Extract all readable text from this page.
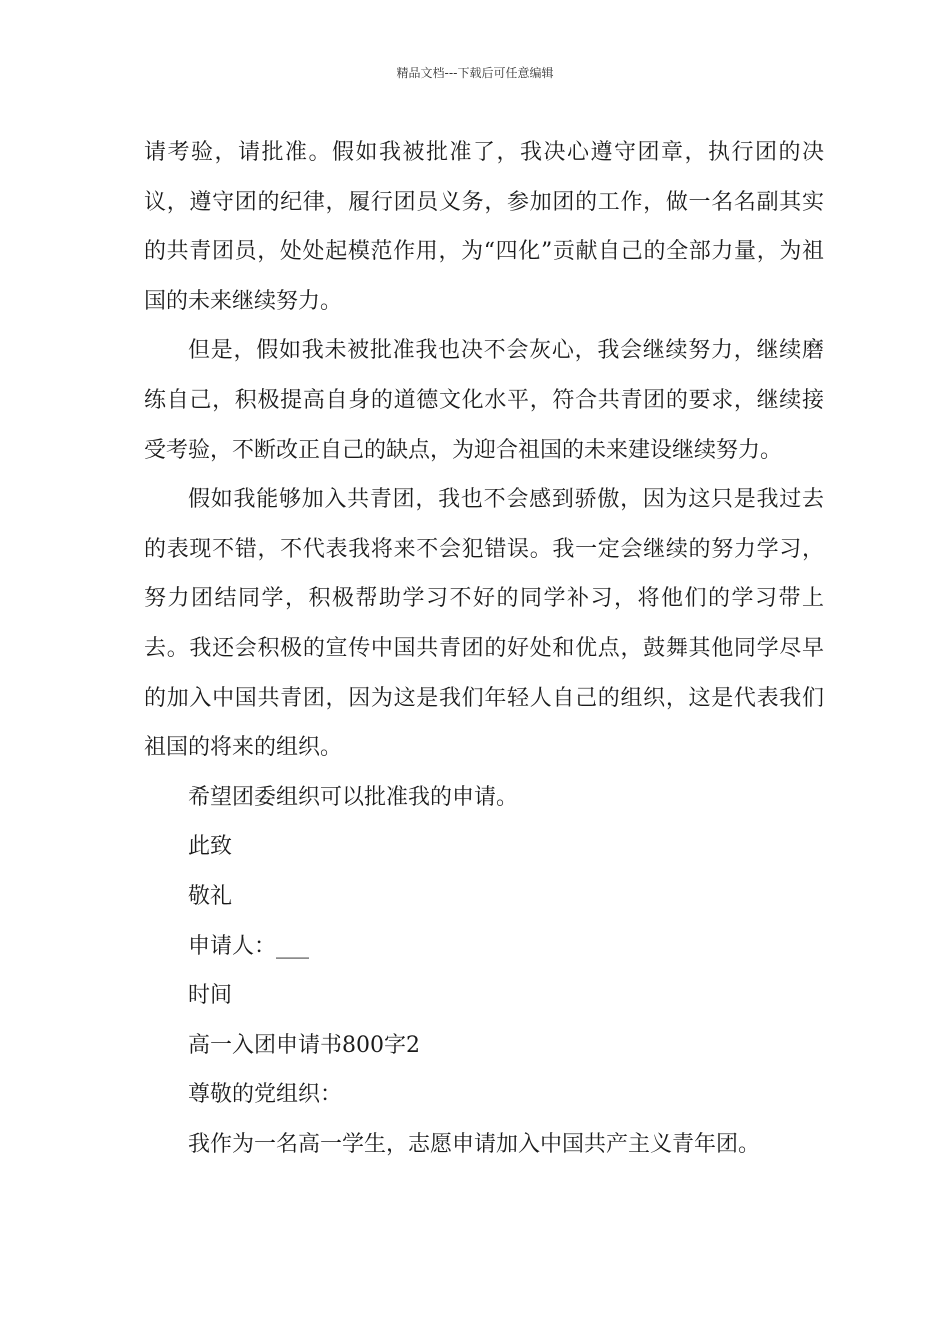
精品文档---下载后可任意编辑

请考验，请批准。假如我被批准了，我决心遵守团章，执行团的决议，遵守团的纪律，履行团员义务，参加团的工作，做一名名副其实的共青团员，处处起模范作用，为“四化”贡献自己的全部力量，为祖国的未来继续努力。

但是，假如我未被批准我也决不会灰心，我会继续努力，继续磨练自己，积极提高自身的道德文化水平，符合共青团的要求，继续接受考验，不断改正自己的缺点，为迎合祖国的未来建设继续努力。

假如我能够加入共青团，我也不会感到骄傲，因为这只是我过去的表现不错，不代表我将来不会犯错误。我一定会继续的努力学习，努力团结同学，积极帮助学习不好的同学补习，将他们的学习带上去。我还会积极的宣传中国共青团的好处和优点，鼓舞其他同学尽早的加入中国共青团，因为这是我们年轻人自己的组织，这是代表我们祖国的将来的组织。

希望团委组织可以批准我的申请。

此致

敬礼

申请人：___

时间

高一入团申请书800字2

尊敬的党组织：

我作为一名高一学生，志愿申请加入中国共产主义青年团。
